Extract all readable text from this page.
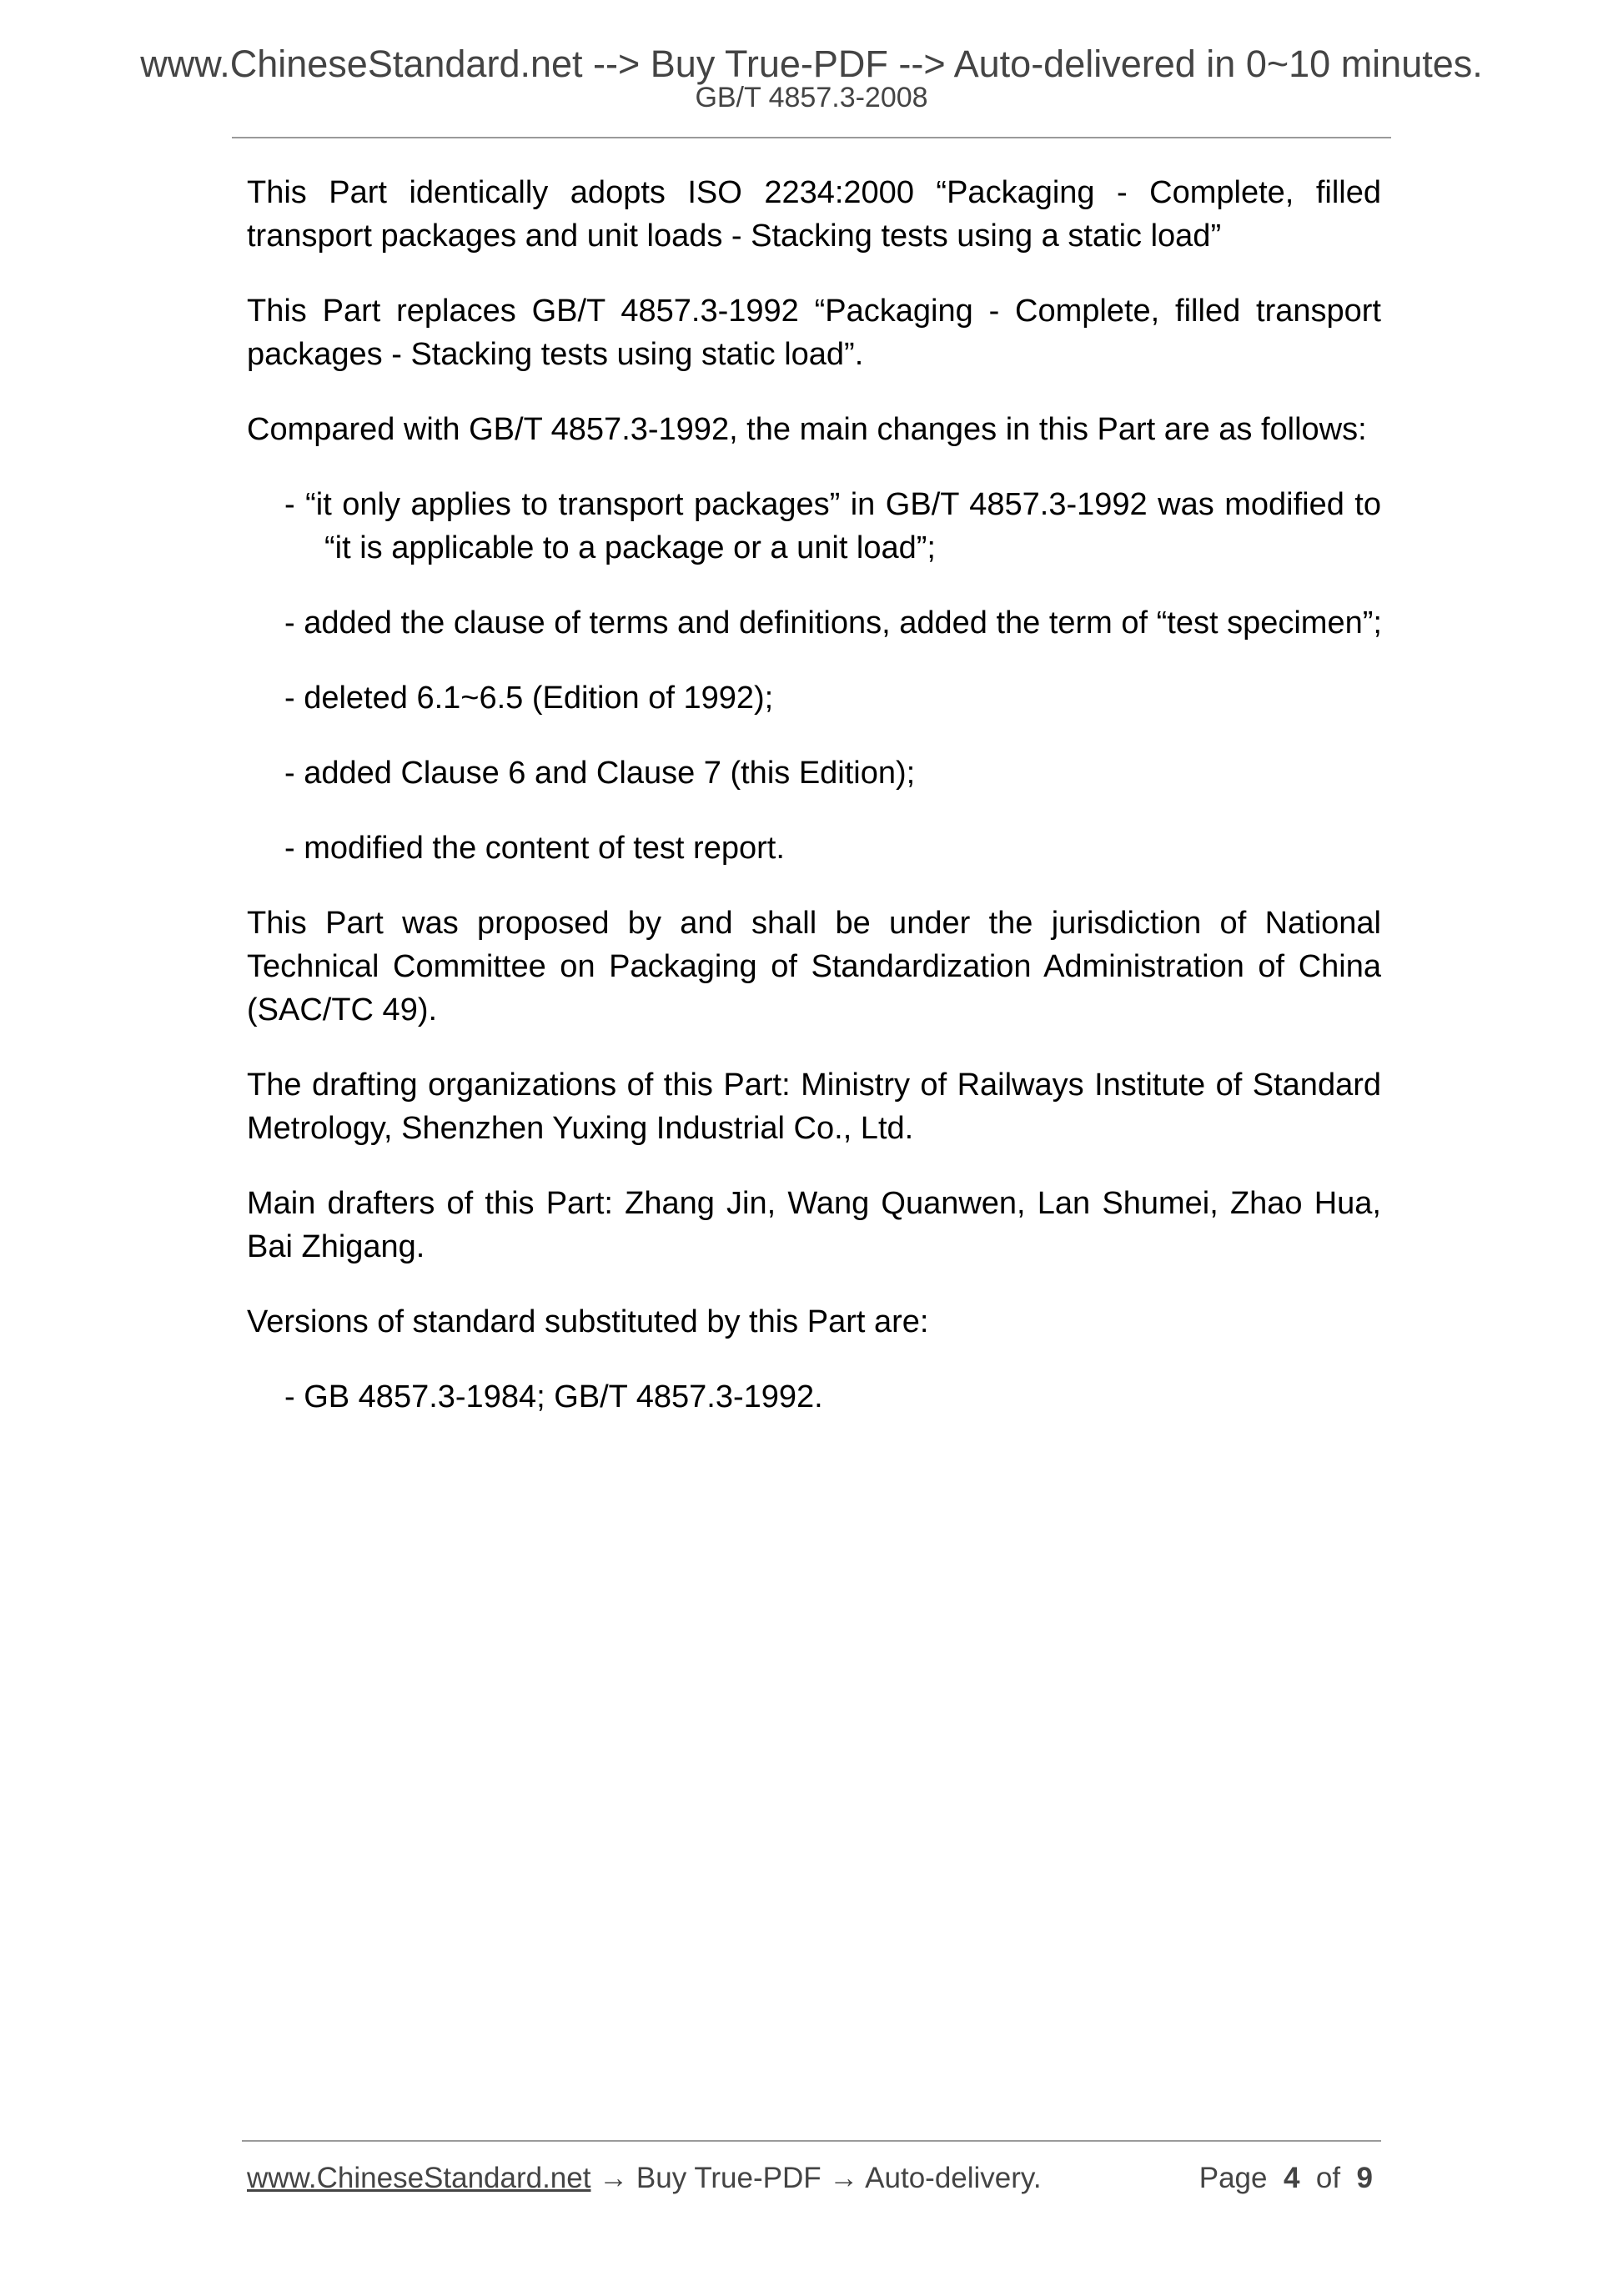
www.ChineseStandard.net --> Buy True-PDF --> Auto-delivered in 0~10 minutes.
GB/T 4857.3-2008

This Part identically adopts ISO 2234:2000 “Packaging - Complete, filled transport packages and unit loads - Stacking tests using a static load”

This Part replaces GB/T 4857.3-1992 “Packaging - Complete, filled transport packages - Stacking tests using static load”.

Compared with GB/T 4857.3-1992, the main changes in this Part are as follows:

- “it only applies to transport packages” in GB/T 4857.3-1992 was modified to “it is applicable to a package or a unit load”;
- added the clause of terms and definitions, added the term of “test specimen”;
- deleted 6.1~6.5 (Edition of 1992);
- added Clause 6 and Clause 7 (this Edition);
- modified the content of test report.

This Part was proposed by and shall be under the jurisdiction of National Technical Committee on Packaging of Standardization Administration of China (SAC/TC 49).

The drafting organizations of this Part: Ministry of Railways Institute of Standard Metrology, Shenzhen Yuxing Industrial Co., Ltd.

Main drafters of this Part: Zhang Jin, Wang Quanwen, Lan Shumei, Zhao Hua, Bai Zhigang.

Versions of standard substituted by this Part are:

- GB 4857.3-1984; GB/T 4857.3-1992.
www.ChineseStandard.net → Buy True-PDF → Auto-delivery.	Page 4 of 9
